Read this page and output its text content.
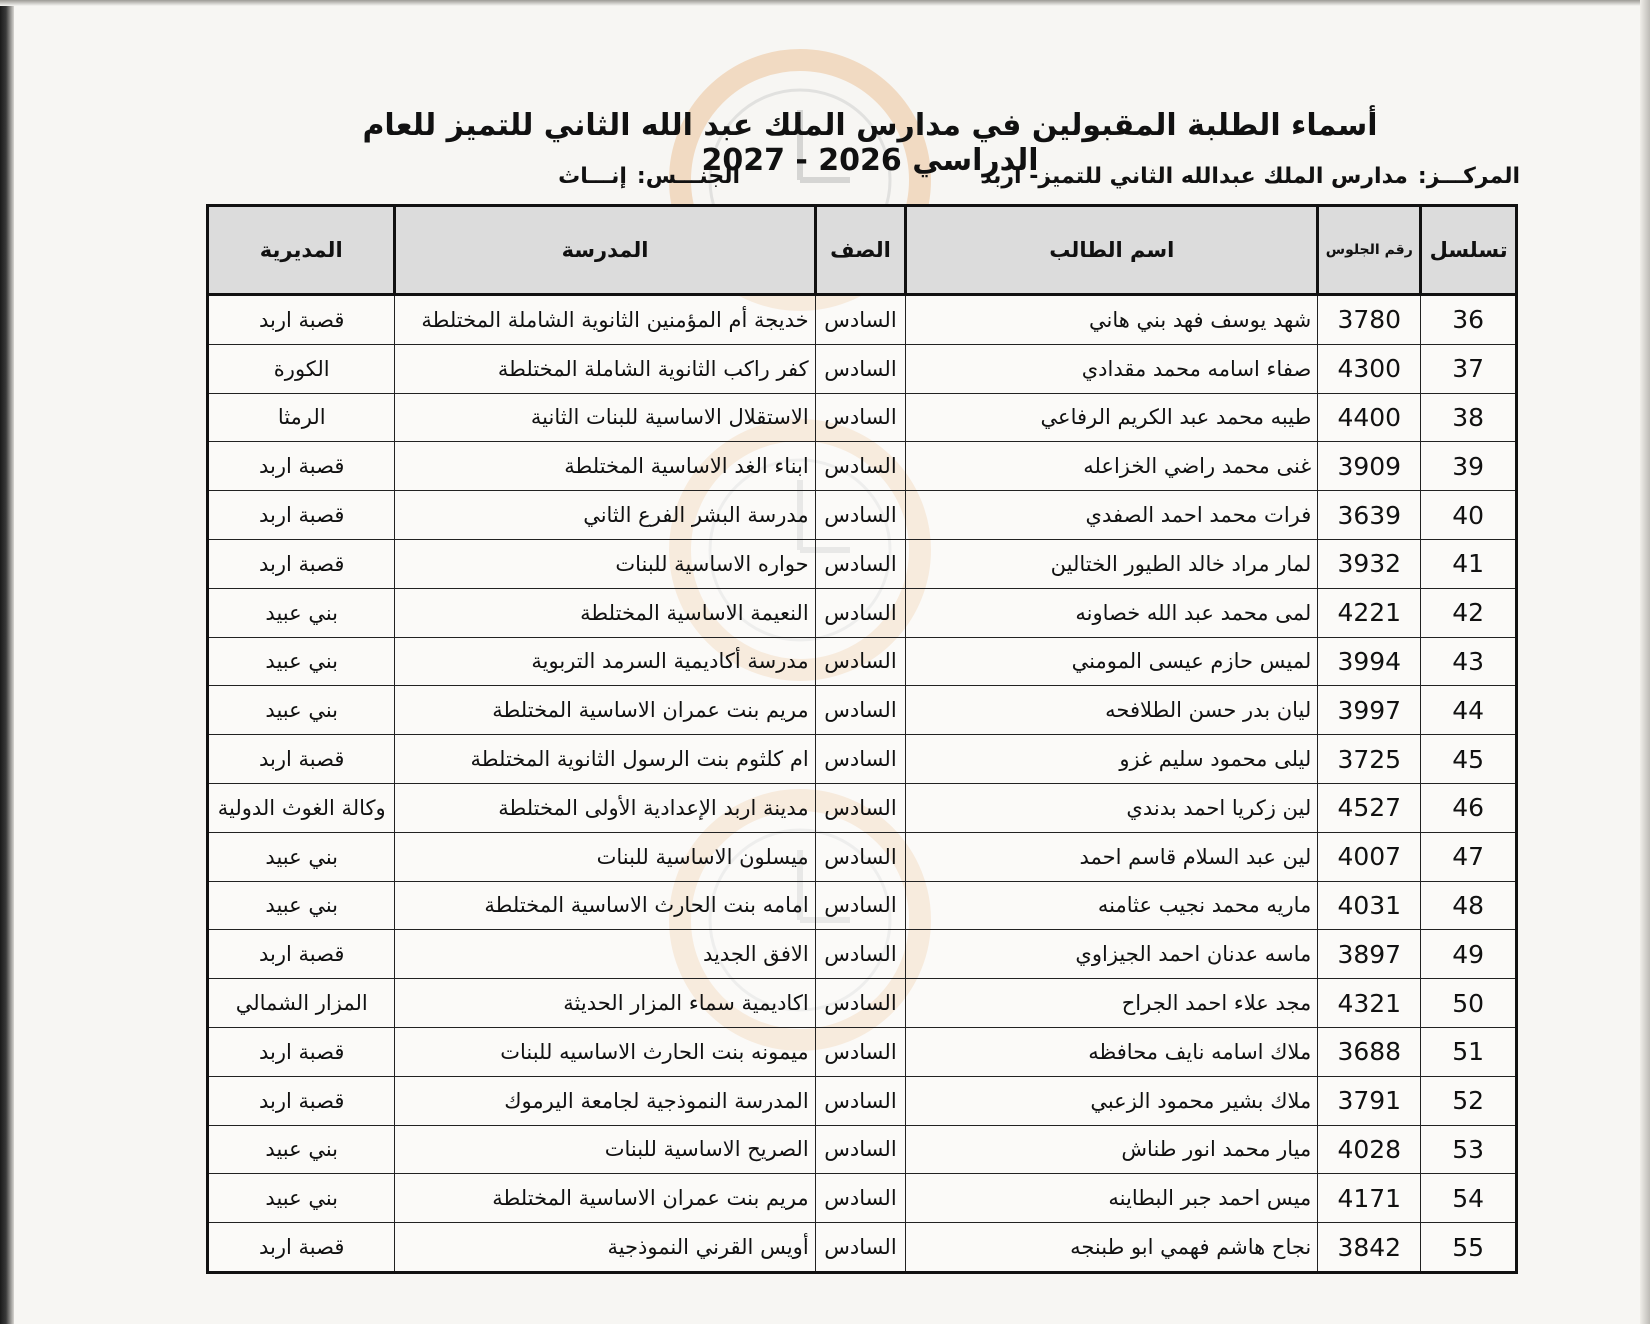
أسماء الطلبة المقبولين في مدارس الملك عبد الله الثاني للتميز للعام الدراسي 2026 - 2027	المركـــز:مدارس الملك عبدالله الثاني للتميز- اربد
الجنـــس:إنـــاث
تسلسل	رقم الجلوس	اسم الطالب	الصف	المدرسة	المديرية
36	3780	شهد يوسف فهد بني هاني	السادس	خديجة أم المؤمنين الثانوية الشاملة المختلطة	قصبة اربد
37	4300	صفاء اسامه محمد مقدادي	السادس	كفر راكب الثانوية الشاملة المختلطة	الكورة
38	4400	طيبه محمد عبد الكريم الرفاعي	السادس	الاستقلال الاساسية للبنات الثانية	الرمثا
39	3909	غنى محمد راضي الخزاعله	السادس	ابناء الغد الاساسية المختلطة	قصبة اربد
40	3639	فرات محمد احمد الصفدي	السادس	مدرسة البشر الفرع الثاني	قصبة اربد
41	3932	لمار مراد خالد الطيور الختالين	السادس	حواره الاساسية للبنات	قصبة اربد
42	4221	لمى محمد عبد الله خصاونه	السادس	النعيمة الاساسية المختلطة	بني عبيد
43	3994	لميس حازم عيسى المومني	السادس	مدرسة أكاديمية السرمد التربوية	بني عبيد
44	3997	ليان بدر حسن الطلافحه	السادس	مريم بنت عمران الاساسية المختلطة	بني عبيد
45	3725	ليلى محمود سليم غزو	السادس	ام كلثوم بنت الرسول الثانوية المختلطة	قصبة اربد
46	4527	لين زكريا احمد بدندي	السادس	مدينة اربد الإعدادية الأولى المختلطة	وكالة الغوث الدولية
47	4007	لين عبد السلام قاسم احمد	السادس	ميسلون الاساسية للبنات	بني عبيد
48	4031	ماريه محمد نجيب عثامنه	السادس	امامه بنت الحارث الاساسية المختلطة	بني عبيد
49	3897	ماسه عدنان احمد الجيزاوي	السادس	الافق الجديد	قصبة اربد
50	4321	مجد علاء احمد الجراح	السادس	اكاديمية سماء المزار الحديثة	المزار الشمالي
51	3688	ملاك اسامه نايف محافظه	السادس	ميمونه بنت الحارث الاساسيه للبنات	قصبة اربد
52	3791	ملاك بشير محمود الزعبي	السادس	المدرسة النموذجية لجامعة اليرموك	قصبة اربد
53	4028	ميار محمد انور طناش	السادس	الصريح الاساسية للبنات	بني عبيد
54	4171	ميس احمد جبر البطاينه	السادس	مريم بنت عمران الاساسية المختلطة	بني عبيد
55	3842	نجاح هاشم فهمي ابو طبنجه	السادس	أويس القرني النموذجية	قصبة اربد
